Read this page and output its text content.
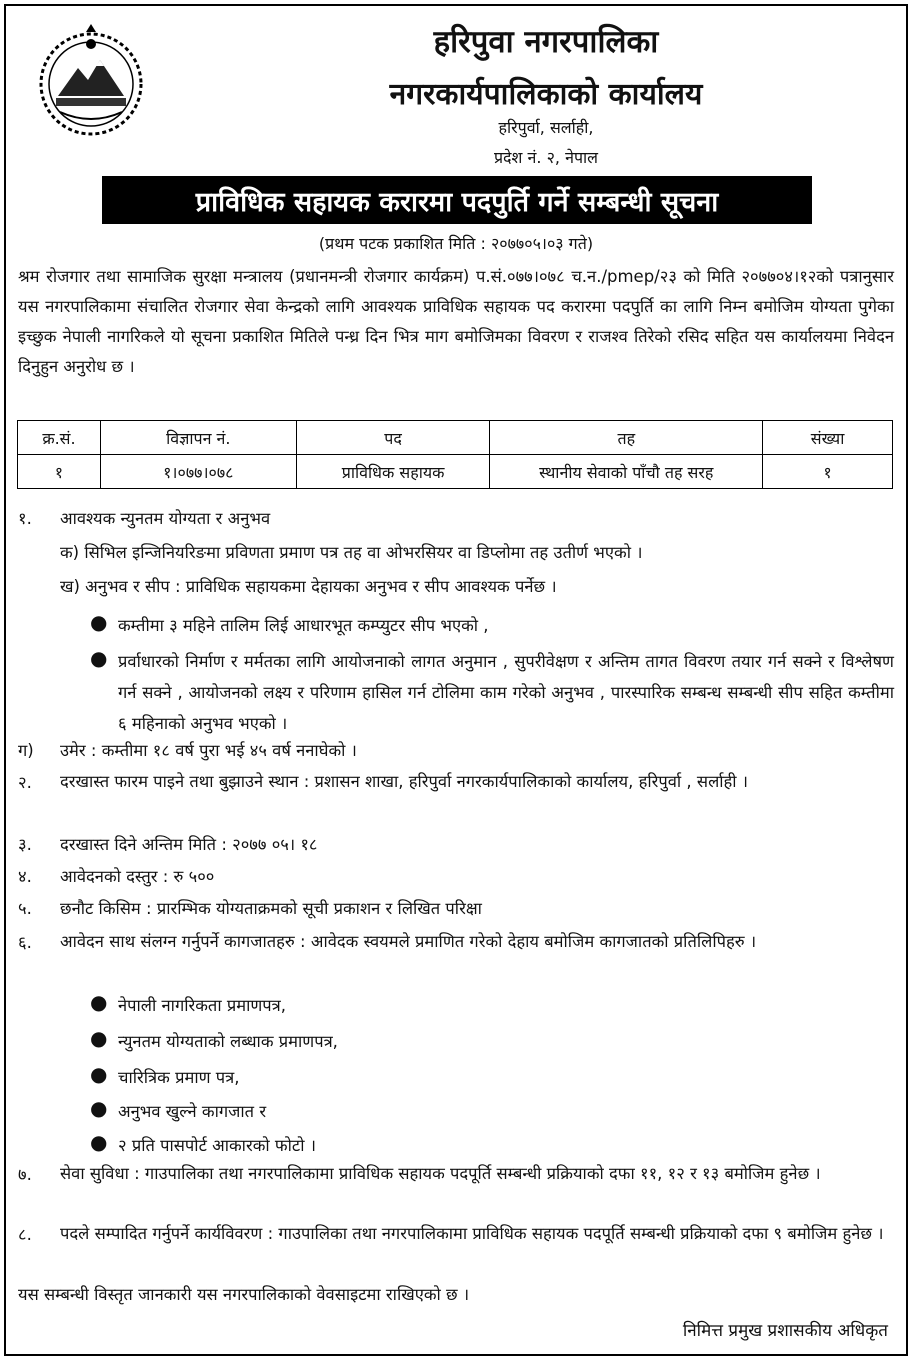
हरिपुवा नगरपालिका
नगरकार्यपालिकाको कार्यालय
हरिपुर्वा, सर्लाही,
प्रदेश नं. २, नेपाल
प्राविधिक सहायक करारमा पदपुर्ति गर्ने सम्बन्धी सूचना
(प्रथम पटक प्रकाशित मिति : २०७७०५।०३ गते)
श्रम रोजगार तथा सामाजिक सुरक्षा मन्त्रालय (प्रधानमन्त्री रोजगार कार्यक्रम) प.सं.०७७।०७८ च.न./pmep/२३ को मिति २०७७०४।१२को पत्रानुसार यस नगरपालिकामा संचालित रोजगार सेवा केन्द्रको लागि आवश्यक प्राविधिक सहायक पद करारमा पदपुर्ति का लागि निम्न बमोजिम योग्यता पुगेका इच्छुक नेपाली नागरिकले यो सूचना प्रकाशित मितिले पन्ध्र दिन भित्र माग बमोजिमका विवरण र राजश्व तिरेको रसिद सहित यस कार्यालयमा निवेदन दिनुहुन अनुरोध छ ।
क्र.सं.	विज्ञापन नं.	पद	तह	संख्या
१	१।०७७।०७८	प्राविधिक सहायक	स्थानीय सेवाको पाँचौ तह सरह	१
१. आवश्यक न्युनतम योग्यता र अनुभव
क) सिभिल इन्जिनियरिङमा प्रविणता प्रमाण पत्र तह वा ओभरसियर वा डिप्लोमा तह उतीर्ण भएको ।
ख) अनुभव र सीप : प्राविधिक सहायकमा देहायका अनुभव र सीप आवश्यक पर्नेछ ।
● कम्तीमा ३ महिने तालिम लिई आधारभूत कम्प्युटर सीप भएको ,
● प्रर्वाधारको निर्माण र मर्मतका लागि आयोजनाको लागत अनुमान , सुपरीवेक्षण र अन्तिम तागत विवरण तयार गर्न सक्ने र विश्लेषण गर्न सक्ने , आयोजनको लक्ष्य र परिणाम हासिल गर्न टोलिमा काम गरेको अनुभव , पारस्पारिक सम्बन्ध सम्बन्धी सीप सहित कम्तीमा ६ महिनाको अनुभव भएको ।
ग) उमेर : कम्तीमा १८ वर्ष पुरा भई ४५ वर्ष ननाघेको ।
२. दरखास्त फारम पाइने तथा बुझाउने स्थान : प्रशासन शाखा, हरिपुर्वा नगरकार्यपालिकाको कार्यालय, हरिपुर्वा , सर्लाही ।
३. दरखास्त दिने अन्तिम मिति : २०७७ ०५। १८
४. आवेदनको दस्तुर : रु ५००
५. छनौट किसिम : प्रारम्भिक योग्यताक्रमको सूची प्रकाशन र लिखित परिक्षा
६. आवेदन साथ संलग्न गर्नुपर्ने कागजातहरु : आवेदक स्वयमले प्रमाणित गरेको देहाय बमोजिम कागजातको प्रतिलिपिहरु ।
● नेपाली नागरिकता प्रमाणपत्र,
● न्युनतम योग्यताको लब्धाक प्रमाणपत्र,
● चारित्रिक प्रमाण पत्र,
● अनुभव खुल्ने कागजात र
● २ प्रति पासपोर्ट आकारको फोटो ।
७. सेवा सुविधा : गाउपालिका तथा नगरपालिकामा प्राविधिक सहायक पदपूर्ति सम्बन्धी प्रक्रियाको दफा ११, १२ र १३ बमोजिम हुनेछ ।
८. पदले सम्पादित गर्नुपर्ने कार्यविवरण : गाउपालिका तथा नगरपालिकामा प्राविधिक सहायक पदपूर्ति सम्बन्धी प्रक्रियाको दफा ९ बमोजिम हुनेछ ।
यस सम्बन्धी विस्तृत जानकारी यस नगरपालिकाको वेवसाइटमा राखिएको छ ।
निमित्त प्रमुख प्रशासकीय अधिकृत
